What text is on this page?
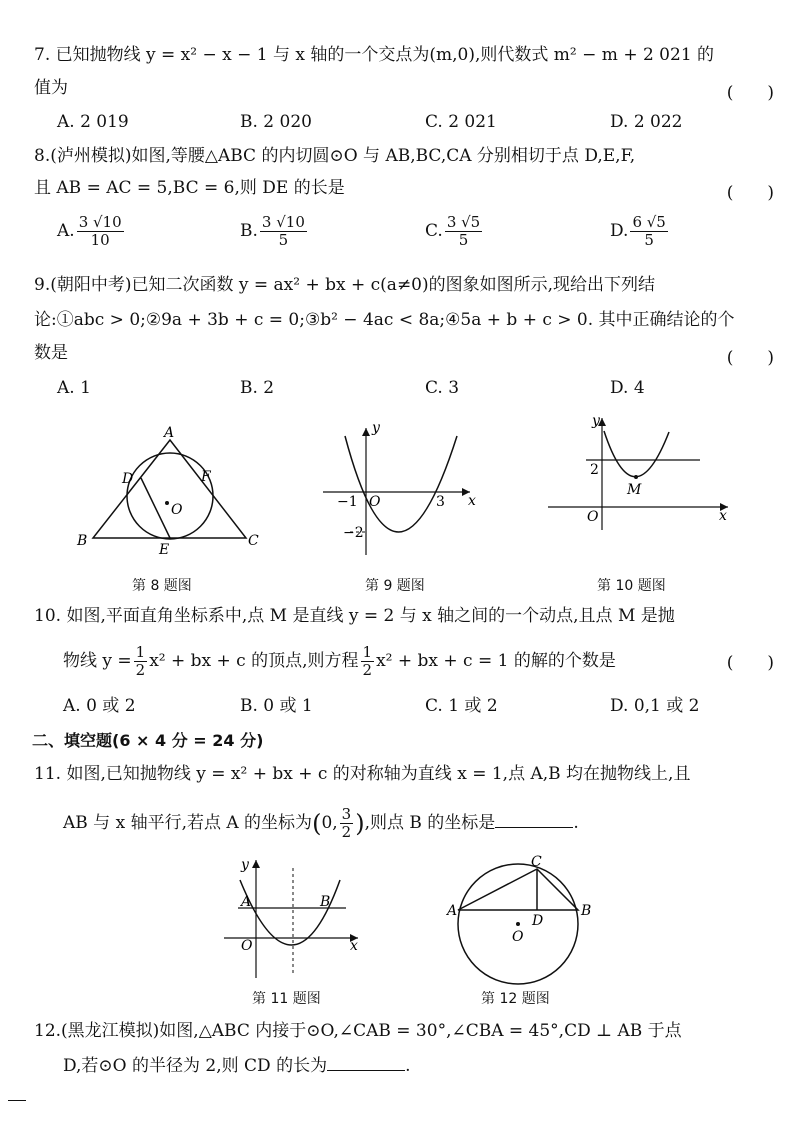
7. 已知抛物线 y = x² − x − 1 与 x 轴的一个交点为(m,0),则代数式 m² − m + 2 021 的
值为	(　　)
A. 2 019	B. 2 020	C. 2 021	D. 2 022
8.(泸州模拟)如图,等腰△ABC 的内切圆⊙O 与 AB,BC,CA 分别相切于点 D,E,F,
且 AB = AC = 5,BC = 6,则 DE 的长是	(　　)
A. $\frac{3 √10}{10}$	B. $\frac{3 √10}{5}$	C. $\frac{3 √5}{5}$	D. $\frac{6 √5}{5}$
9.(朝阳中考)已知二次函数 y = ax² + bx + c(a≠0)的图象如图所示,现给出下列结
论:①abc > 0;②9a + 3b + c = 0;③b² − 4ac < 8a;④5a + b + c > 0. 其中正确结论的个
数是	(　　)
A. 1	B. 2	C. 3	D. 4
A
B	C
D	F
E
O
第 8 题图
y
x
O
−1	3
−2
第 9 题图
y
x
O
2
M
第 10 题图
10. 如图,平面直角坐标系中,点 M 是直线 y = 2 与 x 轴之间的一个动点,且点 M 是抛
物线 $y = \frac{1}{2} x^2$ + bx + c 的顶点,则方程 $\frac{1}{2} x^2$ + bx + c = 1 的解的个数是	(　　)
A. 0 或 2	B. 0 或 1	C. 1 或 2	D. 0,1 或 2
二、填空题(6 × 4 分 = 24 分)
11. 如图,已知抛物线 y = x² + bx + c 的对称轴为直线 x = 1,点 A,B 均在抛物线上,且
AB 与 x 轴平行,若点 A 的坐标为(0, $\frac{3}{2}$ ),则点 B 的坐标是	.
y
x
O
A	B
第 11 题图
C
A	B
D
O
第 12 题图
12.(黑龙江模拟)如图,△ABC 内接于⊙O,∠CAB = 30°,∠CBA = 45°,CD ⊥ AB 于点
D,若⊙O 的半径为 2,则 CD 的长为	.
